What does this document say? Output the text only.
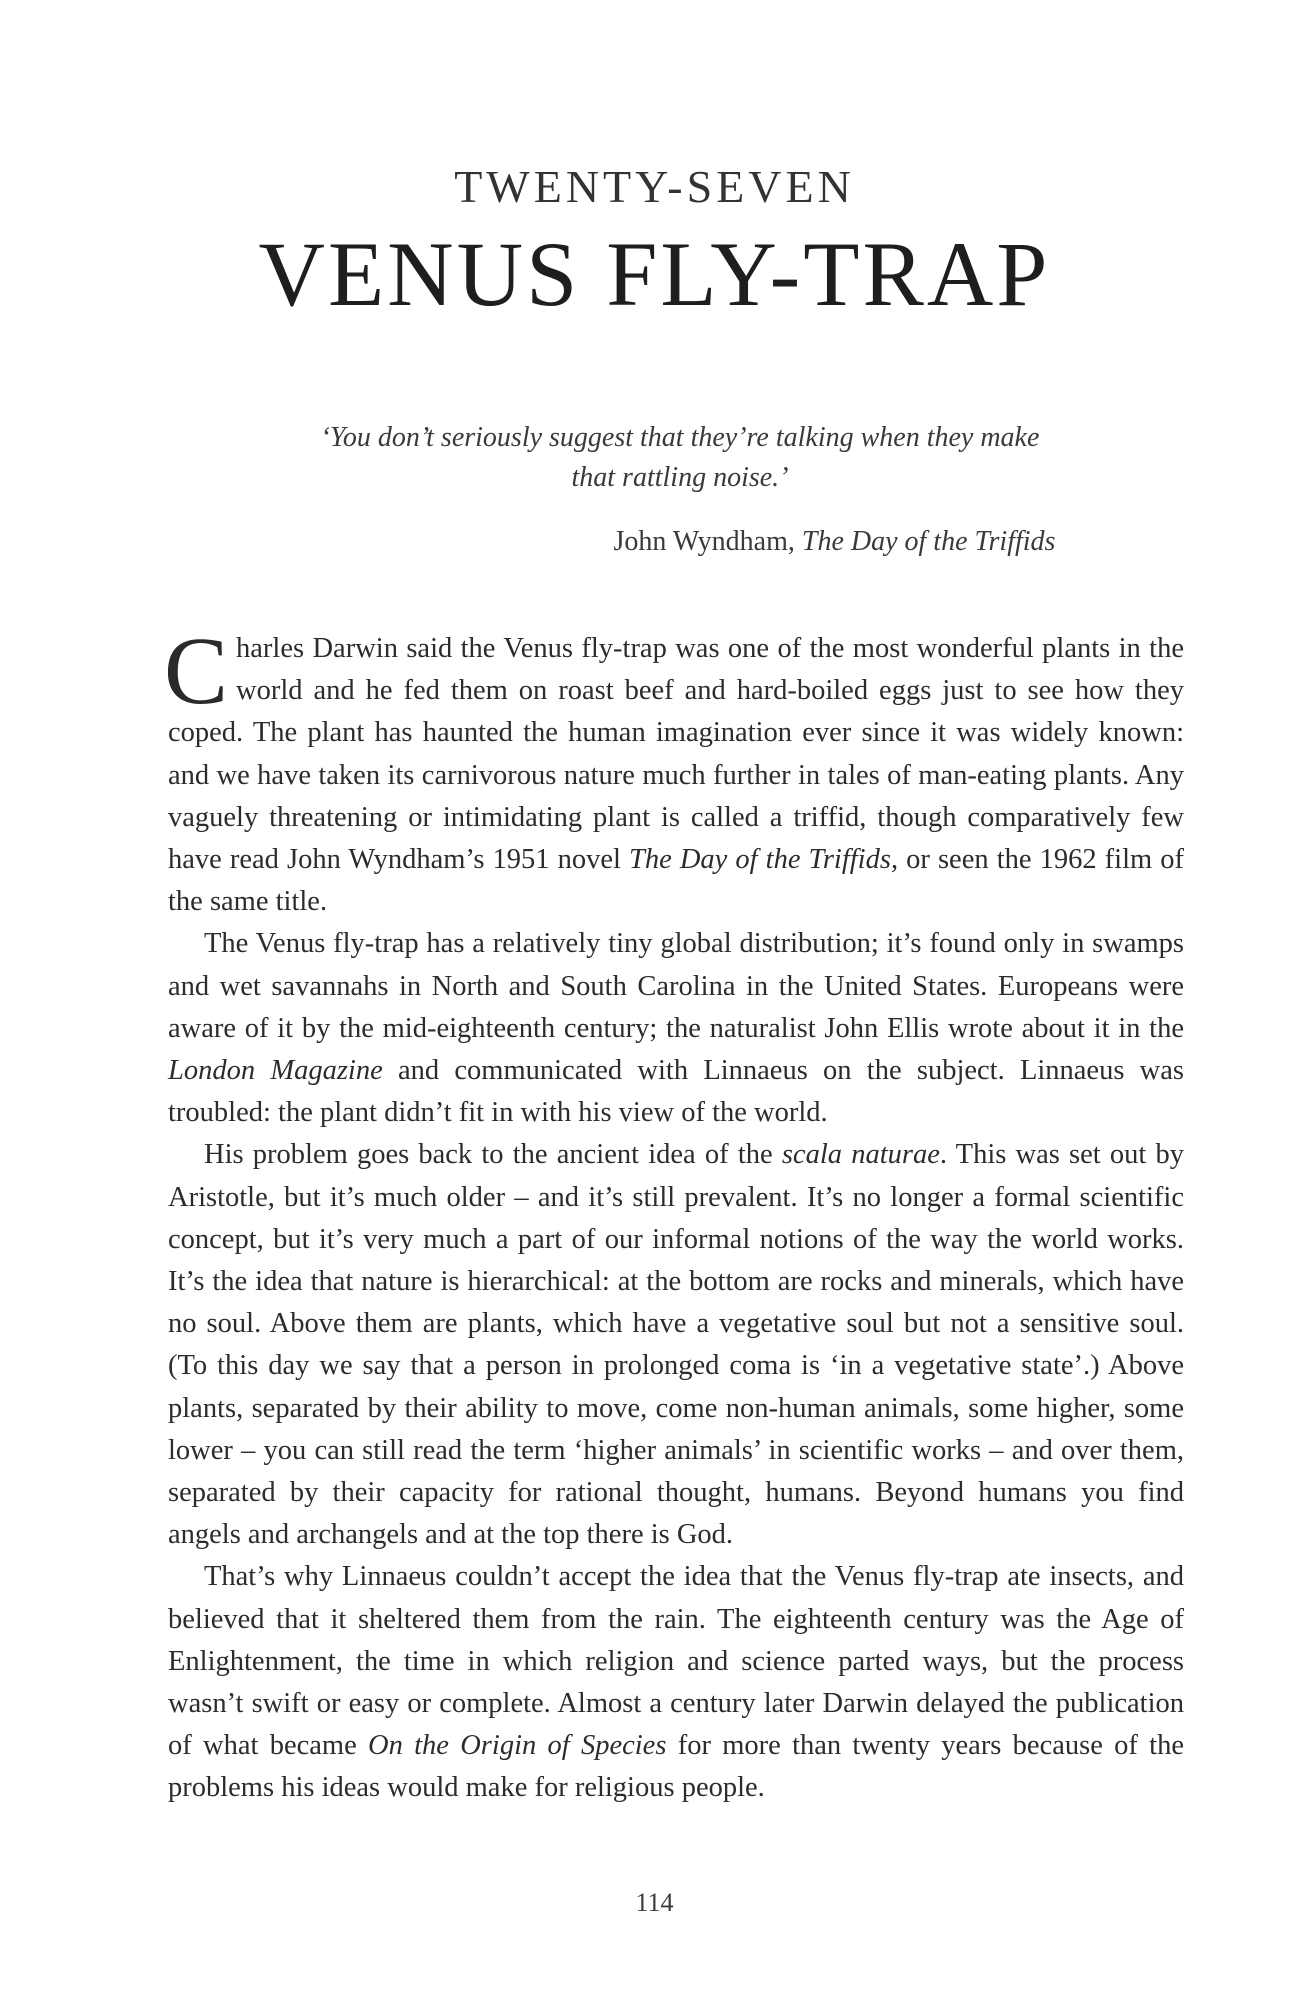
TWENTY-SEVEN
VENUS FLY-TRAP
‘You don’t seriously suggest that they’re talking when they make that rattling noise.’
John Wyndham, The Day of the Triffids

Charles Darwin said the Venus fly-trap was one of the most wonderful plants in the world and he fed them on roast beef and hard-boiled eggs just to see how they coped. The plant has haunted the human imagination ever since it was widely known: and we have taken its carnivorous nature much further in tales of man-eating plants. Any vaguely threatening or intimidating plant is called a triffid, though comparatively few have read John Wyndham’s 1951 novel The Day of the Triffids, or seen the 1962 film of the same title.

The Venus fly-trap has a relatively tiny global distribution; it’s found only in swamps and wet savannahs in North and South Carolina in the United States. Europeans were aware of it by the mid-eighteenth century; the naturalist John Ellis wrote about it in the London Magazine and communicated with Linnaeus on the subject. Linnaeus was troubled: the plant didn’t fit in with his view of the world.

His problem goes back to the ancient idea of the scala naturae. This was set out by Aristotle, but it’s much older – and it’s still prevalent. It’s no longer a formal scientific concept, but it’s very much a part of our informal notions of the way the world works. It’s the idea that nature is hierarchical: at the bottom are rocks and minerals, which have no soul. Above them are plants, which have a vegetative soul but not a sensitive soul. (To this day we say that a person in prolonged coma is ‘in a vegetative state’.) Above plants, separated by their ability to move, come non-human animals, some higher, some lower – you can still read the term ‘higher animals’ in scientific works – and over them, separated by their capacity for rational thought, humans. Beyond humans you find angels and archangels and at the top there is God.

That’s why Linnaeus couldn’t accept the idea that the Venus fly-trap ate insects, and believed that it sheltered them from the rain. The eighteenth century was the Age of Enlightenment, the time in which religion and science parted ways, but the process wasn’t swift or easy or complete. Almost a century later Darwin delayed the publication of what became On the Origin of Species for more than twenty years because of the problems his ideas would make for religious people.

114
